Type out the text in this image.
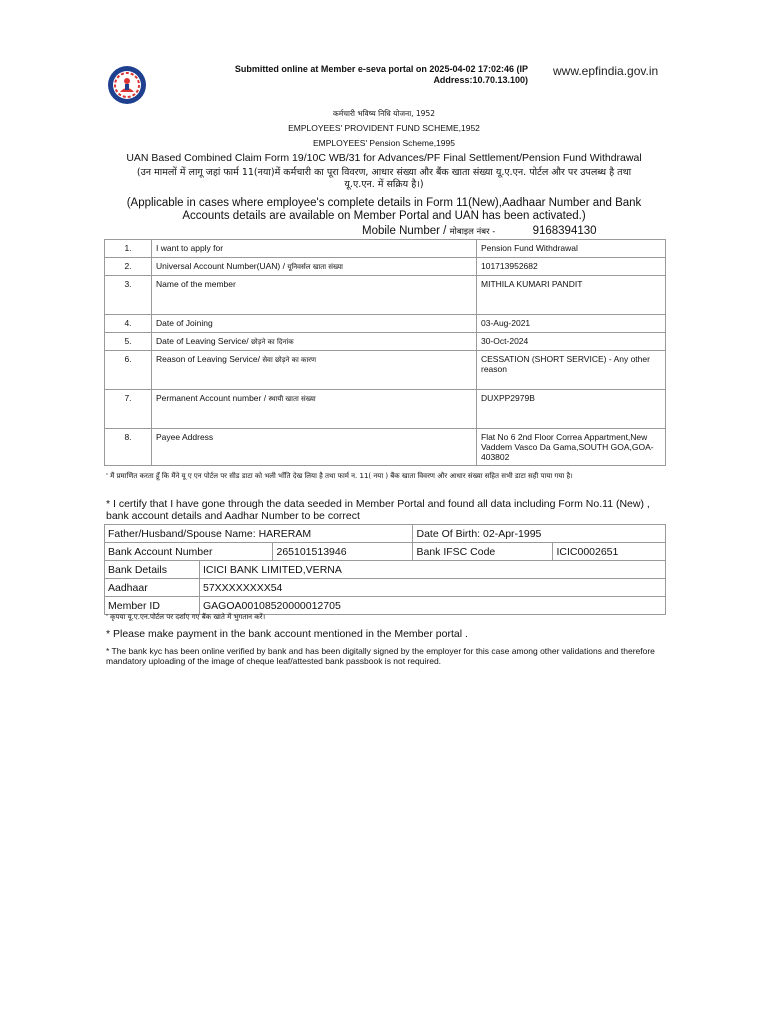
Submitted online at Member e-seva portal on 2025-04-02 17:02:46 (IP Address:10.70.13.100)
www.epfindia.gov.in
कर्मचारी भविष्य निधि योजना, 1952
EMPLOYEES' PROVIDENT FUND SCHEME,1952
EMPLOYEES' Pension Scheme,1995
UAN Based Combined Claim Form 19/10C WB/31 for Advances/PF Final Settlement/Pension Fund Withdrawal
(उन मामलों में लागू जहां फार्म 11(नया)में कर्मचारी का पूरा विवरण, आधार संख्या और बैंक खाता संख्या यू.ए.एन. पोर्टल और पर उपलब्ध है तथा यू.ए.एन. में सक्रिय है।)
(Applicable in cases where employee's complete details in Form 11(New),Aadhaar Number and Bank Accounts details are available on Member Portal and UAN has been activated.)
Mobile Number / मोबाइल नंबर -	9168394130
1.	I want to apply for	Pension Fund Withdrawal
2.	Universal Account Number(UAN) / यूनिवर्सल खाता संख्या	101713952682
3.	Name of the member	MITHILA KUMARI PANDIT
4.	Date of Joining	03-Aug-2021
5.	Date of Leaving Service/ छोड़ने का दिनांक	30-Oct-2024
6.	Reason of Leaving Service/ सेवा छोड़ने का कारण	CESSATION (SHORT SERVICE) - Any other reason
7.	Permanent Account number / स्थायी खाता संख्या	DUXPP2979B
8.	Payee Address	Flat No 6 2nd Floor Correa Appartment,New Vaddem Vasco Da Gama,SOUTH GOA,GOA-403802
' मैं प्रमाणित करता हूँ कि मैंने यू ए एन पोर्टल पर सीड डाटा को भली भाँति देख लिया है तथा फार्म न. 11( नया ) बैंक खाता विवरण और आधार संख्या सहित सभी डाटा सही पाया गया है।
* I certify that I have gone through the data seeded in Member Portal and found all data including Form No.11 (New) , bank account details and Aadhar Number to be correct
Father/Husband/Spouse Name: HARERAM			Date Of Birth: 02-Apr-1995	
Bank Account Number		265101513946	Bank IFSC Code	ICIC0002651
Bank Details	ICICI BANK LIMITED,VERNA			
Aadhaar	57XXXXXXXX54			
Member ID	GAGOA00108520000012705			
' कृपया यू.ए.एन.पोर्टल पर दर्शाए गए बैंक खाते में भुगतान करें।
* Please make payment in the bank account mentioned in the Member portal .
* The bank kyc has been online verified by bank and has been digitally signed by the employer for this case among other validations and therefore mandatory uploading of the image of cheque leaf/attested bank passbook is not required.
